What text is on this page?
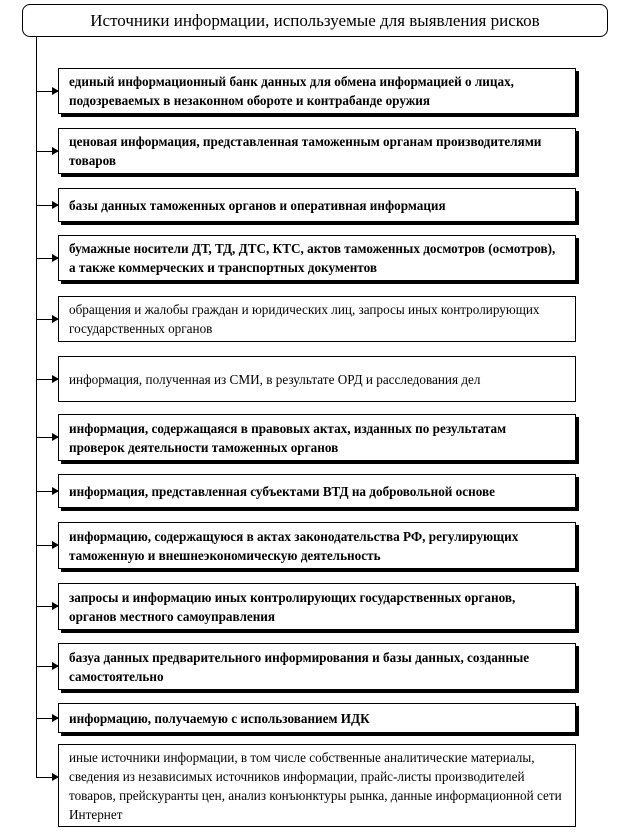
Источники информации, используемые для выявления рисков
единый информационный банк данных для обмена информацией о лицах, подозреваемых в незаконном обороте и контрабанде оружия
ценовая информация, представленная таможенным органам производителями товаров
базы данных таможенных органов и оперативная информация
бумажные носители ДТ, ТД, ДТС, КТС, актов таможенных досмотров (осмотров), а также коммерческих и транспортных документов
обращения и жалобы граждан и юридических лиц, запросы иных контролирующих государственных органов
информация, полученная из СМИ, в результате ОРД и расследования дел
информация, содержащаяся в правовых актах, изданных по результатам проверок деятельности таможенных органов
информация, представленная субъектами ВТД на добровольной основе
информацию, содержащуюся в актах законодательства РФ, регулирующих таможенную и внешнеэкономическую деятельность
запросы и информацию иных контролирующих государственных органов, органов местного самоуправления
базуа данных предварительного информирования и базы данных, созданные самостоятельно
информацию, получаемую с использованием ИДК
иные источники информации, в том числе собственные аналитические материалы, сведения из независимых источников информации, прайс-листы производителей товаров, прейскуранты цен, анализ конъюнктуры рынка, данные информационной сети Интернет
